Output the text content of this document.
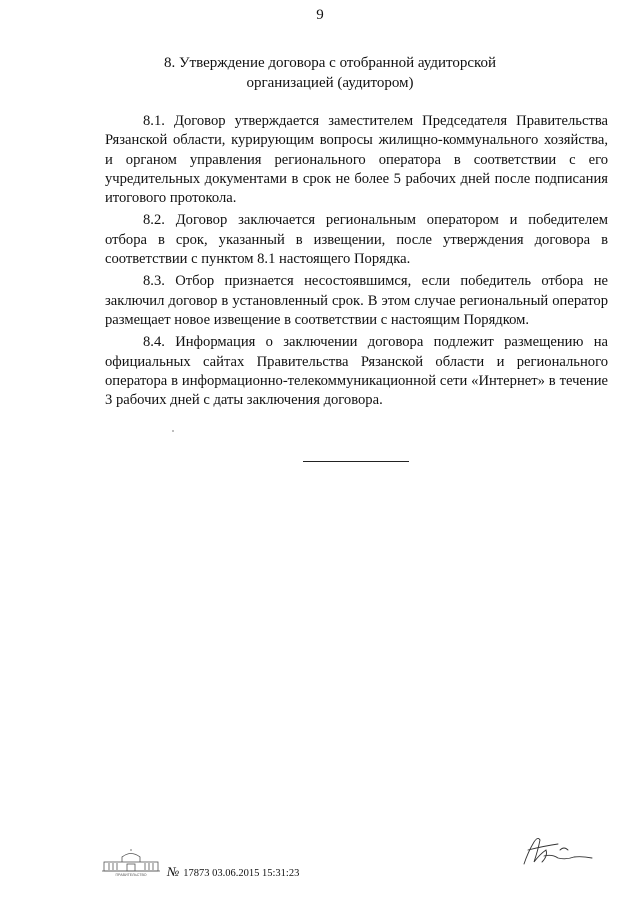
9
8. Утверждение договора с отобранной аудиторской
организацией (аудитором)

8.1. Договор утверждается заместителем Председателя Правительства Рязанской области, курирующим вопросы жилищно-коммунального хозяйства, и органом управления регионального оператора в соответствии с его учредительных документами в срок не более 5 рабочих дней после подписания итогового протокола.

8.2. Договор заключается региональным оператором и победителем отбора в срок, указанный в извещении, после утверждения договора в соответствии с пунктом 8.1 настоящего Порядка.

8.3. Отбор признается несостоявшимся, если победитель отбора не заключил договор в установленный срок. В этом случае региональный оператор размещает новое извещение в соответствии с настоящим Порядком.

8.4. Информация о заключении договора подлежит размещению на официальных сайтах Правительства Рязанской области и регионального оператора в информационно-телекоммуникационной сети «Интернет» в течение 3 рабочих дней с даты заключения договора.

ПРАВИТЕЛЬСТВО № 17873 03.06.2015 15:31:23
